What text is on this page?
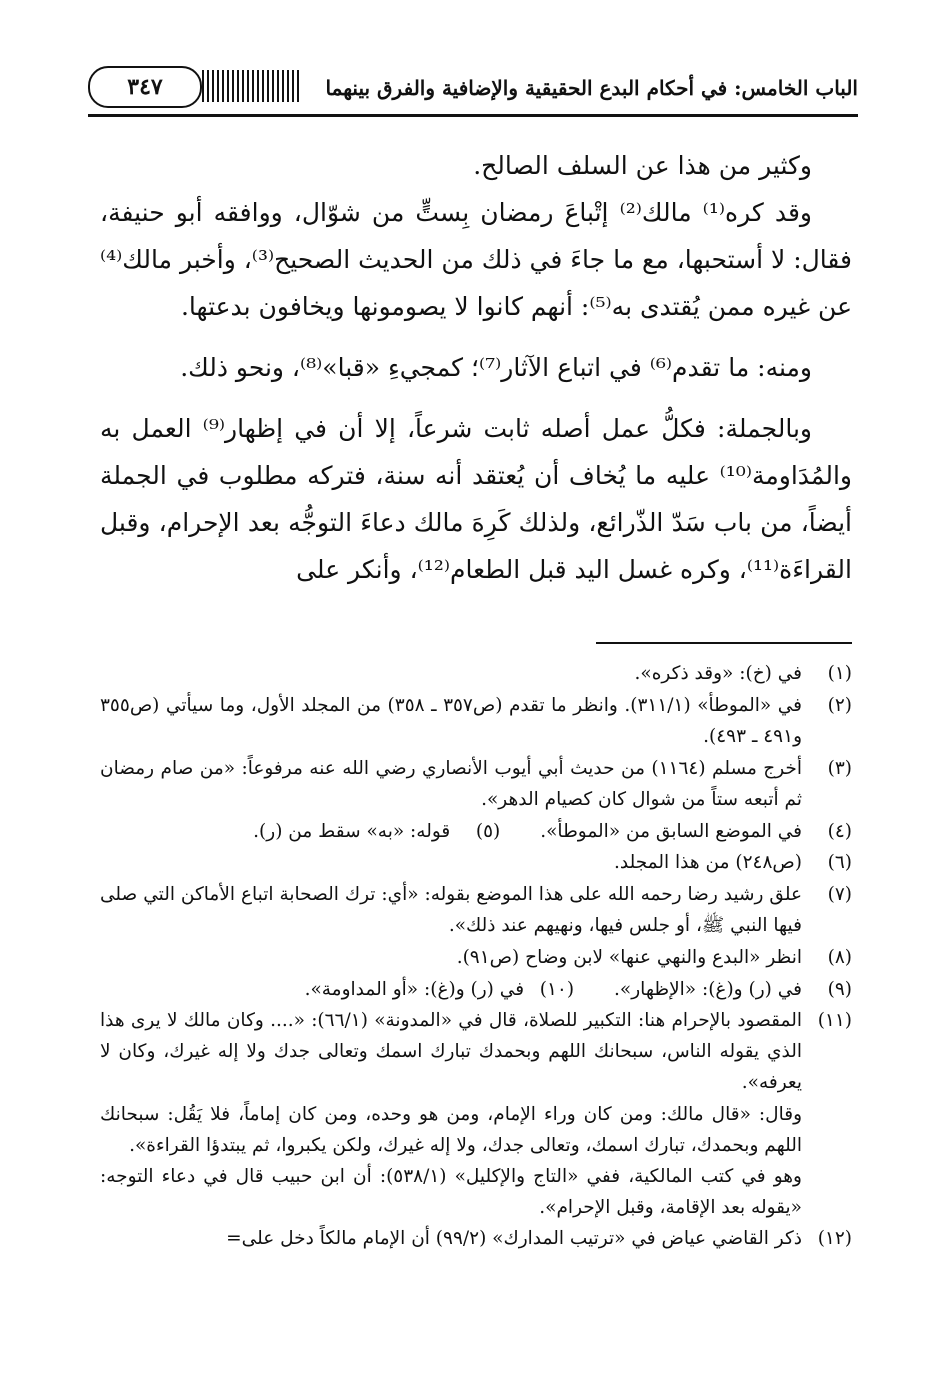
٣٤٧	الباب الخامس: في أحكام البدع الحقيقية والإضافية والفرق بينهما

وكثير من هذا عن السلف الصالح.

وقد كره⁽¹⁾ مالك⁽²⁾ إتْباعَ رمضان بِستٍّ من شوّال، ووافقه أبو حنيفة، فقال: لا أستحبها، مع ما جاءَ في ذلك من الحديث الصحيح⁽³⁾، وأخبر مالك⁽⁴⁾ عن غيره ممن يُقتدى به⁽⁵⁾: أنهم كانوا لا يصومونها ويخافون بدعتها.

ومنه: ما تقدم⁽⁶⁾ في اتباع الآثار⁽⁷⁾؛ كمجيءِ «قبا»⁽⁸⁾، ونحو ذلك.

وبالجملة: فكلُّ عمل أصله ثابت شرعاً، إلا أن في إظهار⁽⁹⁾ العمل به والمُدَاومة⁽¹⁰⁾ عليه ما يُخاف أن يُعتقد أنه سنة، فتركه مطلوب في الجملة أيضاً، من باب سَدّ الذّرائع، ولذلك كَرِهَ مالك دعاءَ التوجُّه بعد الإحرام، وقبل القراءَة⁽¹¹⁾، وكره غسل اليد قبل الطعام⁽¹²⁾، وأنكر على

(١)
في (خ): «وقد ذكره».
(٢)
في «الموطأ» (٣١١/١). وانظر ما تقدم (ص٣٥٧ ـ ٣٥٨) من المجلد الأول، وما سيأتي (ص٣٥٥ و٤٩١ ـ ٤٩٣).
(٣)
أخرج مسلم (١١٦٤) من حديث أبي أيوب الأنصاري رضي الله عنه مرفوعاً: «من صام رمضان ثم أتبعه ستاً من شوال كان كصيام الدهر».
(٤)
في الموضع السابق من «الموطأ».
(٥)
قوله: «به» سقط من (ر).
(٦)
(ص٢٤٨) من هذا المجلد.
(٧)
علق رشيد رضا رحمه الله على هذا الموضع بقوله: «أي: ترك الصحابة اتباع الأماكن التي صلى فيها النبي ﷺ، أو جلس فيها، ونهيهم عند ذلك».
(٨)
انظر «البدع والنهي عنها» لابن وضاح (ص٩١).
(٩)
في (ر) و(غ): «الإظهار».
(١٠)
في (ر) و(غ): «أو المداومة».
(١١)
المقصود بالإحرام هنا: التكبير للصلاة، قال في «المدونة» (٦٦/١): «.... وكان مالك لا يرى هذا الذي يقوله الناس، سبحانك اللهم وبحمدك تبارك اسمك وتعالى جدك ولا إله غيرك، وكان لا يعرفه».
وقال: «قال مالك: ومن كان وراء الإمام، ومن هو وحده، ومن كان إماماً، فلا يَقُل: سبحانك اللهم وبحمدك، تبارك اسمك، وتعالى جدك، ولا إله غيرك، ولكن يكبروا، ثم يبتدؤا القراءة».
وهو في كتب المالكية، ففي «التاج والإكليل» (٥٣٨/١): أن ابن حبيب قال في دعاء التوجه: «يقوله بعد الإقامة، وقبل الإحرام».
(١٢)
ذكر القاضي عياض في «ترتيب المدارك» (٩٩/٢) أن الإمام مالكاً دخل على=
